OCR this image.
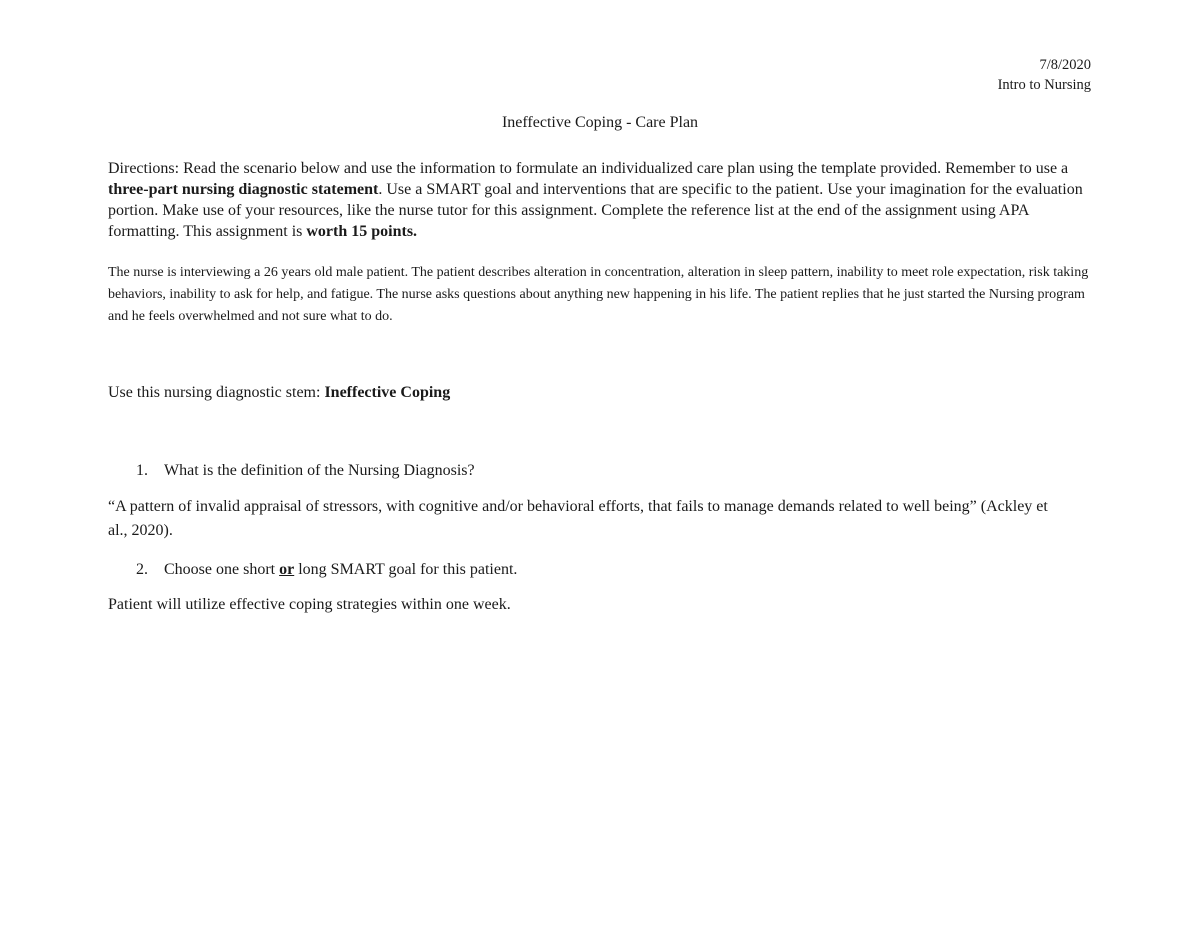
7/8/2020
Intro to Nursing
Ineffective Coping - Care Plan
Directions: Read the scenario below and use the information to formulate an individualized care plan using the template provided. Remember to use a three-part nursing diagnostic statement. Use a SMART goal and interventions that are specific to the patient. Use your imagination for the evaluation portion. Make use of your resources, like the nurse tutor for this assignment. Complete the reference list at the end of the assignment using APA formatting. This assignment is worth 15 points.
The nurse is interviewing a 26 years old male patient. The patient describes alteration in concentration, alteration in sleep pattern, inability to meet role expectation, risk taking behaviors, inability to ask for help, and fatigue. The nurse asks questions about anything new happening in his life. The patient replies that he just started the Nursing program and he feels overwhelmed and not sure what to do.
Use this nursing diagnostic stem: Ineffective Coping
1. What is the definition of the Nursing Diagnosis?
“A pattern of invalid appraisal of stressors, with cognitive and/or behavioral efforts, that fails to manage demands related to well being” (Ackley et al., 2020).
2. Choose one short or long SMART goal for this patient.
Patient will utilize effective coping strategies within one week.
